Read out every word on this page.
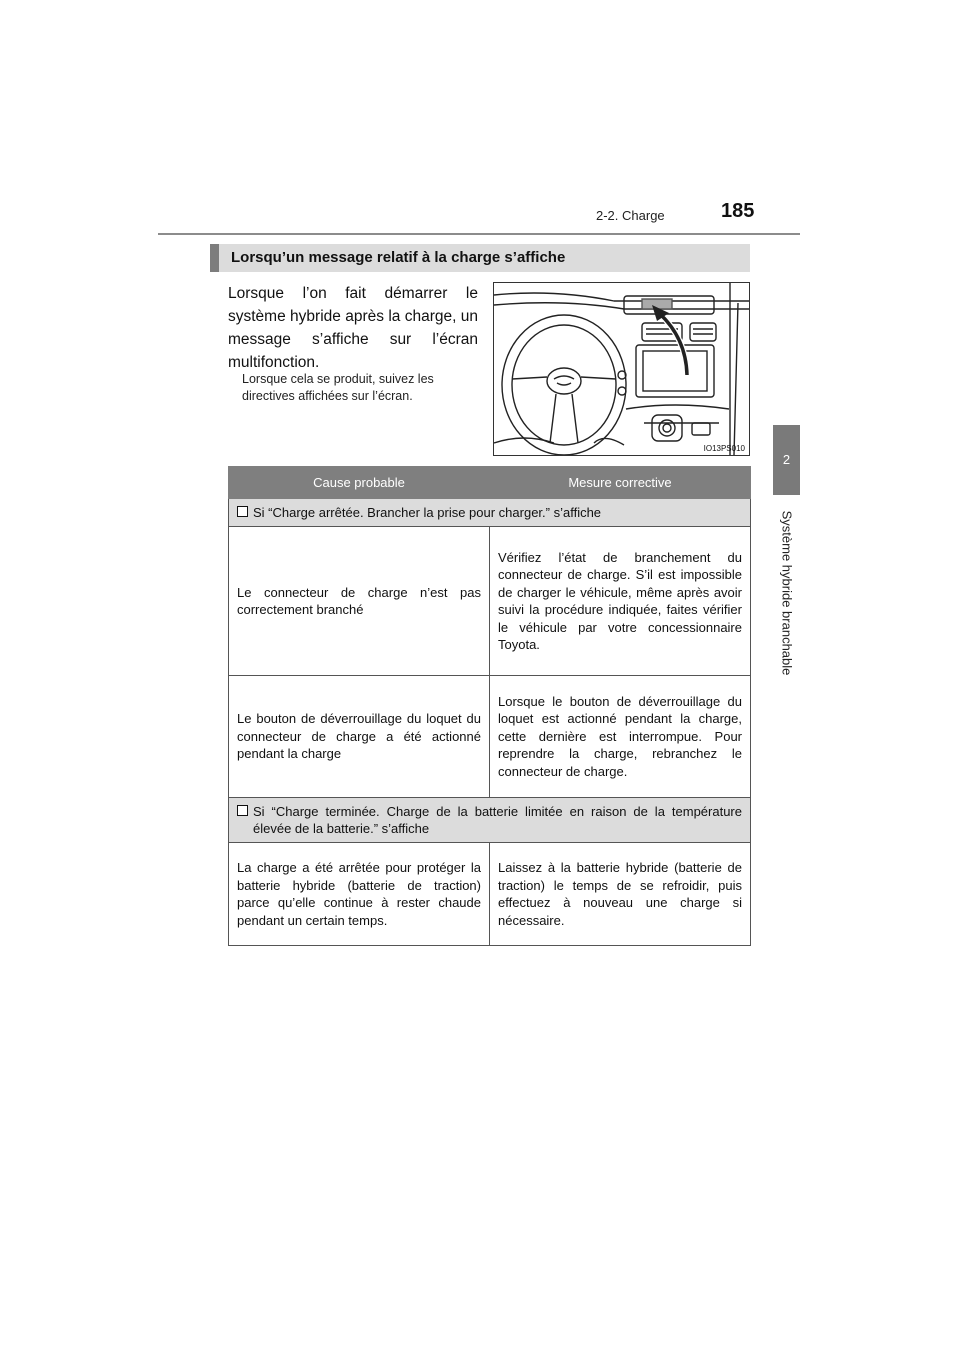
2-2. Charge	185
2
Système hybride branchable
Lorsqu’un message relatif à la charge s’affiche
Lorsque l’on fait démarrer le système hybride après la charge, un message s’affiche sur l’écran multifonction.
Lorsque cela se produit, suivez les directives affichées sur l’écran.
IO13PS010
Cause probable	Mesure corrective

Si “Charge arrêtée. Brancher la prise pour charger.” s’affiche	

Le connecteur de charge n’est pas correctement branché	Vérifiez l’état de branchement du connecteur de charge. S’il est impossible de charger le véhicule, même après avoir suivi la procédure indiquée, faites vérifier le véhicule par votre concessionnaire Toyota.
Le bouton de déverrouillage du loquet du connecteur de charge a été actionné pendant la charge	Lorsque le bouton de déverrouillage du loquet est actionné pendant la charge, cette dernière est interrompue. Pour reprendre la charge, rebranchez le connecteur de charge.

Si “Charge terminée. Charge de la batterie limitée en raison de la température élevée de la batterie.” s’affiche	

La charge a été arrêtée pour protéger la batterie hybride (batterie de traction) parce qu’elle continue à rester chaude pendant un certain temps.	Laissez à la batterie hybride (batterie de traction) le temps de se refroidir, puis effectuez à nouveau une charge si nécessaire.
